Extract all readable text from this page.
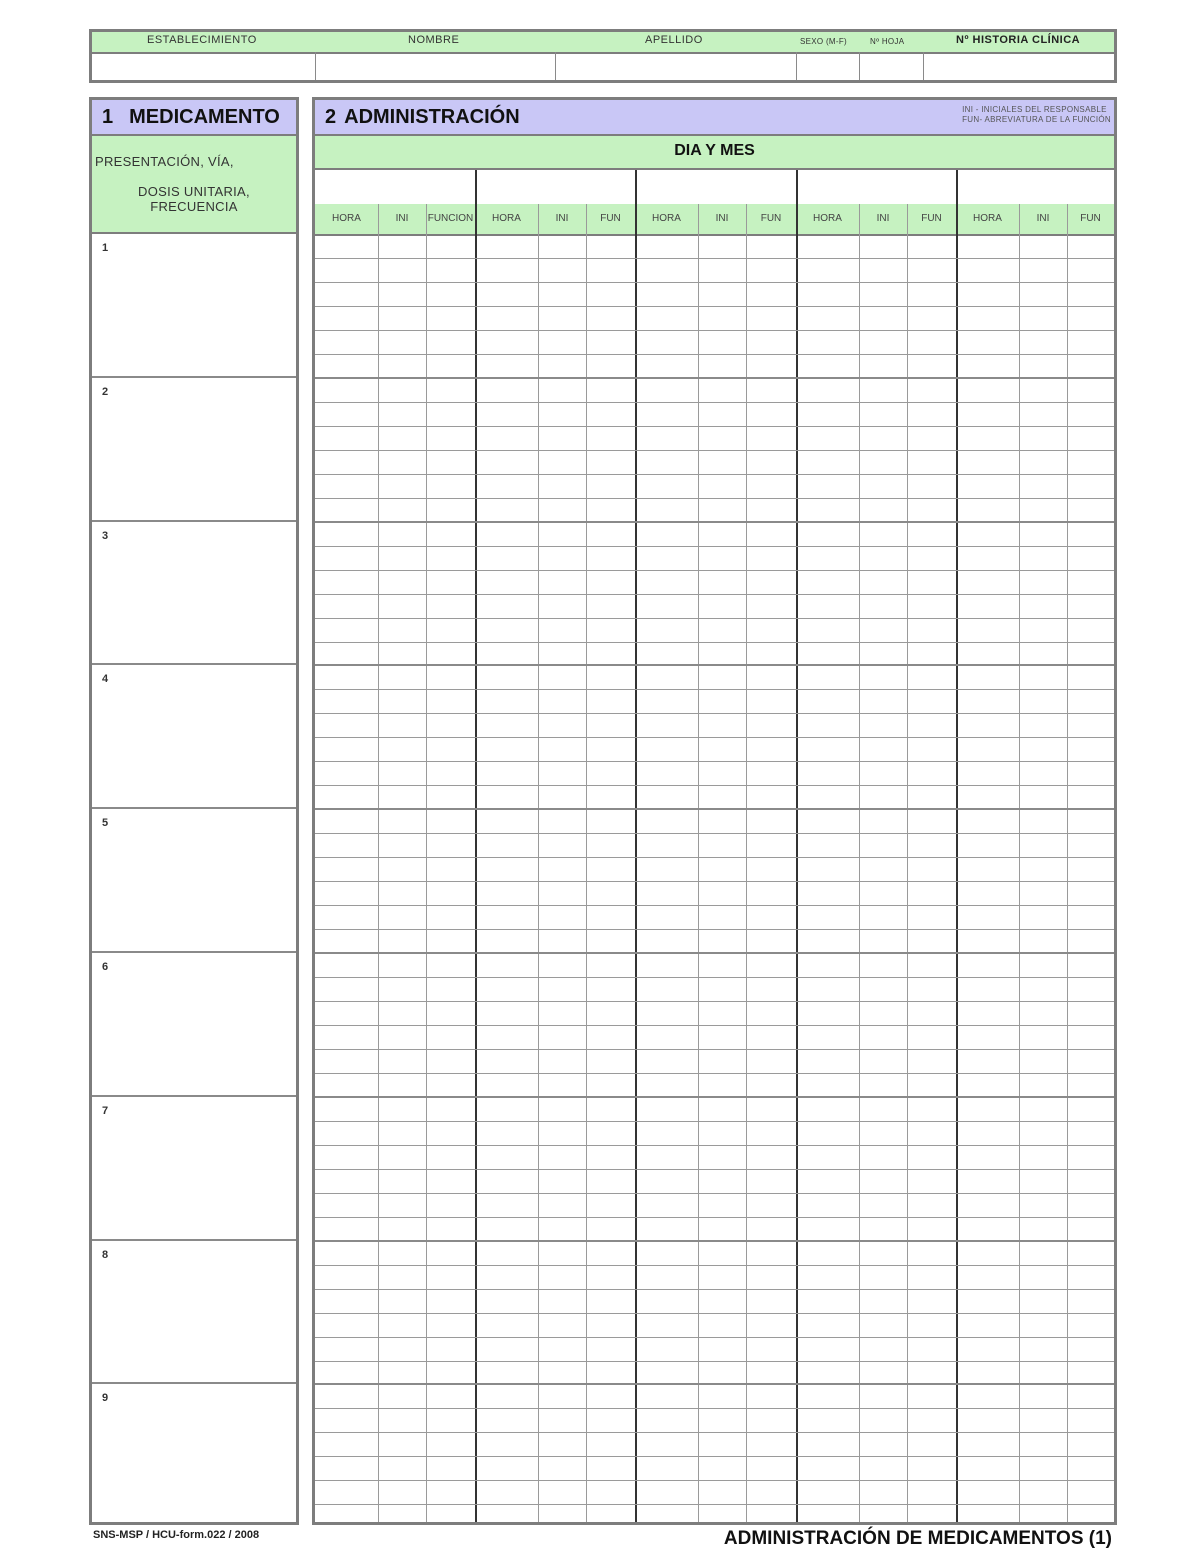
ESTABLECIMIENTO	NOMBRE	APELLIDO	SEXO (M-F)	Nº HOJA	Nº HISTORIA CLÍNICA
1 MEDICAMENTO
PRESENTACIÓN, VÍA,
DOSIS UNITARIA,
FRECUENCIA
1
2
3
4
5
6
7
8
9
2 ADMINISTRACIÓN	INI - INICIALES DEL RESPONSABLE
FUN- ABREVIATURA DE LA FUNCIÓN
DIA Y MES
HORA	INI	FUNCION	HORA	INI	FUN	HORA	INI	FUN	HORA	INI	FUN	HORA	INI	FUN
SNS-MSP / HCU-form.022 / 2008	ADMINISTRACIÓN DE MEDICAMENTOS (1)
